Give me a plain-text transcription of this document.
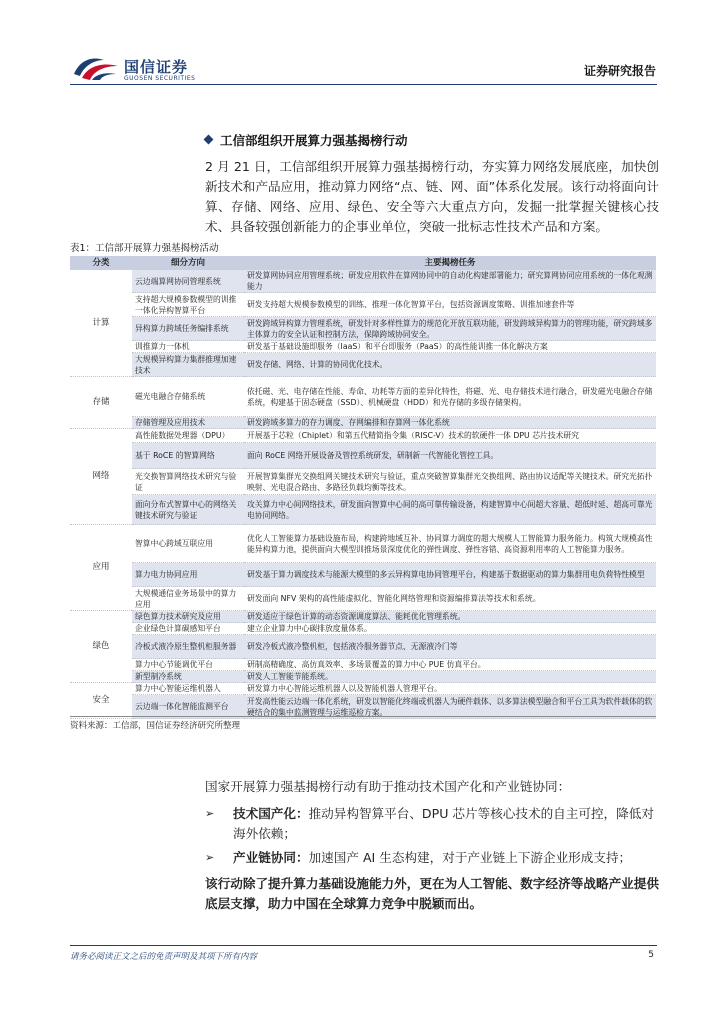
国信证券
GUOSEN SECURITIES
证券研究报告
工信部组织开展算力强基揭榜行动
2 月 21 日，工信部组织开展算力强基揭榜行动，夯实算力网络发展底座，加快创新技术和产品应用，推动算力网络“点、链、网、面”体系化发展。该行动将面向计算、存储、网络、应用、绿色、安全等六大重点方向，发掘一批掌握关键核心技术、具备较强创新能力的企事业单位，突破一批标志性技术产品和方案。
表1：工信部开展算力强基揭榜活动
分类	细分方向	主要揭榜任务
计算	云边端算网协同管理系统	研发算网协同应用管理系统；研发应用软件在算网协同中的自动化构建部署能力；研究算网协同应用系统的一体化观测能力
	支持超大规模参数模型的训推一体化异构智算平台	研发支持超大规模参数模型的训练、推理一体化智算平台，包括资源调度策略、训推加速套件等
	异构算力跨域任务编排系统	研发跨域异构算力管理系统，研发针对多样性算力的规范化开放互联功能，研发跨域异构算力的管理功能，研究跨域多主体算力的安全认证和控制方法，保障跨域协同安全。
	训推算力一体机	研发基于基础设施即服务（IaaS）和平台即服务（PaaS）的高性能训推一体化解决方案
	大规模异构算力集群推理加速技术	研发存储、网络、计算的协同优化技术。
存储	磁光电融合存储系统	依托磁、光、电存储在性能、寿命、功耗等方面的差异化特性，将磁、光、电存储技术进行融合，研发磁光电融合存储系统，构建基于固态硬盘（SSD）、机械硬盘（HDD）和光存储的多级存储架构。
	存储管理及应用技术	研发跨域多算力的存力调度、存网编排和存算网一体化系统
网络	高性能数据处理器（DPU）	开展基于芯粒（Chiplet）和第五代精简指令集（RISC-V）技术的软硬件一体 DPU 芯片技术研究
	基于 RoCE 的智算网络	面向 RoCE 网络开展设备及管控系统研发，研制新一代智能化管控工具。
	光交换智算网络技术研究与验证	开展智算集群光交换组网关键技术研究与验证，重点突破智算集群光交换组网、路由协议适配等关键技术。研究光拓扑映射、光电混合路由、多路径负载均衡等技术。
	面向分布式智算中心的网络关键技术研究与验证	攻关算力中心间网络技术，研发面向智算中心间的高可靠传输设备，构建智算中心间超大容量、超低时延、超高可靠光电协同网络。
应用	智算中心跨域互联应用	优化人工智能算力基础设施布局，构建跨地域互补、协同算力调度的超大规模人工智能算力服务能力。构筑大规模高性能异构算力池，提供面向大模型训推场景深度优化的弹性调度、弹性容错、高资源利用率的人工智能算力服务。
	算力电力协同应用	研发基于算力调度技术与能源大模型的多云异构算电协同管理平台，构建基于数据驱动的算力集群用电负荷特性模型
	大规模通信业务场景中的算力应用	研发面向 NFV 架构的高性能虚拟化、智能化网络管理和资源编排算法等技术和系统。
绿色	绿色算力技术研究及应用	研发适应于绿色计算的动态资源调度算法、能耗优化管理系统。
	企业绿色计算碳感知平台	建立企业算力中心碳排放度量体系。
	冷板式液冷原生整机柜服务器	研发冷板式液冷整机柜，包括液冷服务器节点、无源液冷门等
	算力中心节能调优平台	研制高精确度、高仿真效率、多场景覆盖的算力中心 PUE 仿真平台。
	新型制冷系统	研发人工智能节能系统。
安全	算力中心智能运维机器人	研发算力中心智能运维机器人以及智能机器人管理平台。
	云边端一体化智能监测平台	开发高性能云边端一体化系统，研发以智能化终端或机器人为硬件载体、以多算法模型融合和平台工具为软件载体的软硬结合的集中监测管理与运维巡检方案。
资料来源：工信部，国信证券经济研究所整理
国家开展算力强基揭榜行动有助于推动技术国产化和产业链协同：
➢ 技术国产化：推动异构智算平台、DPU 芯片等核心技术的自主可控，降低对海外依赖；
➢ 产业链协同：加速国产 AI 生态构建，对于产业链上下游企业形成支持；
该行动除了提升算力基础设施能力外，更在为人工智能、数字经济等战略产业提供底层支撑，助力中国在全球算力竞争中脱颖而出。
请务必阅读正文之后的免责声明及其项下所有内容	5
